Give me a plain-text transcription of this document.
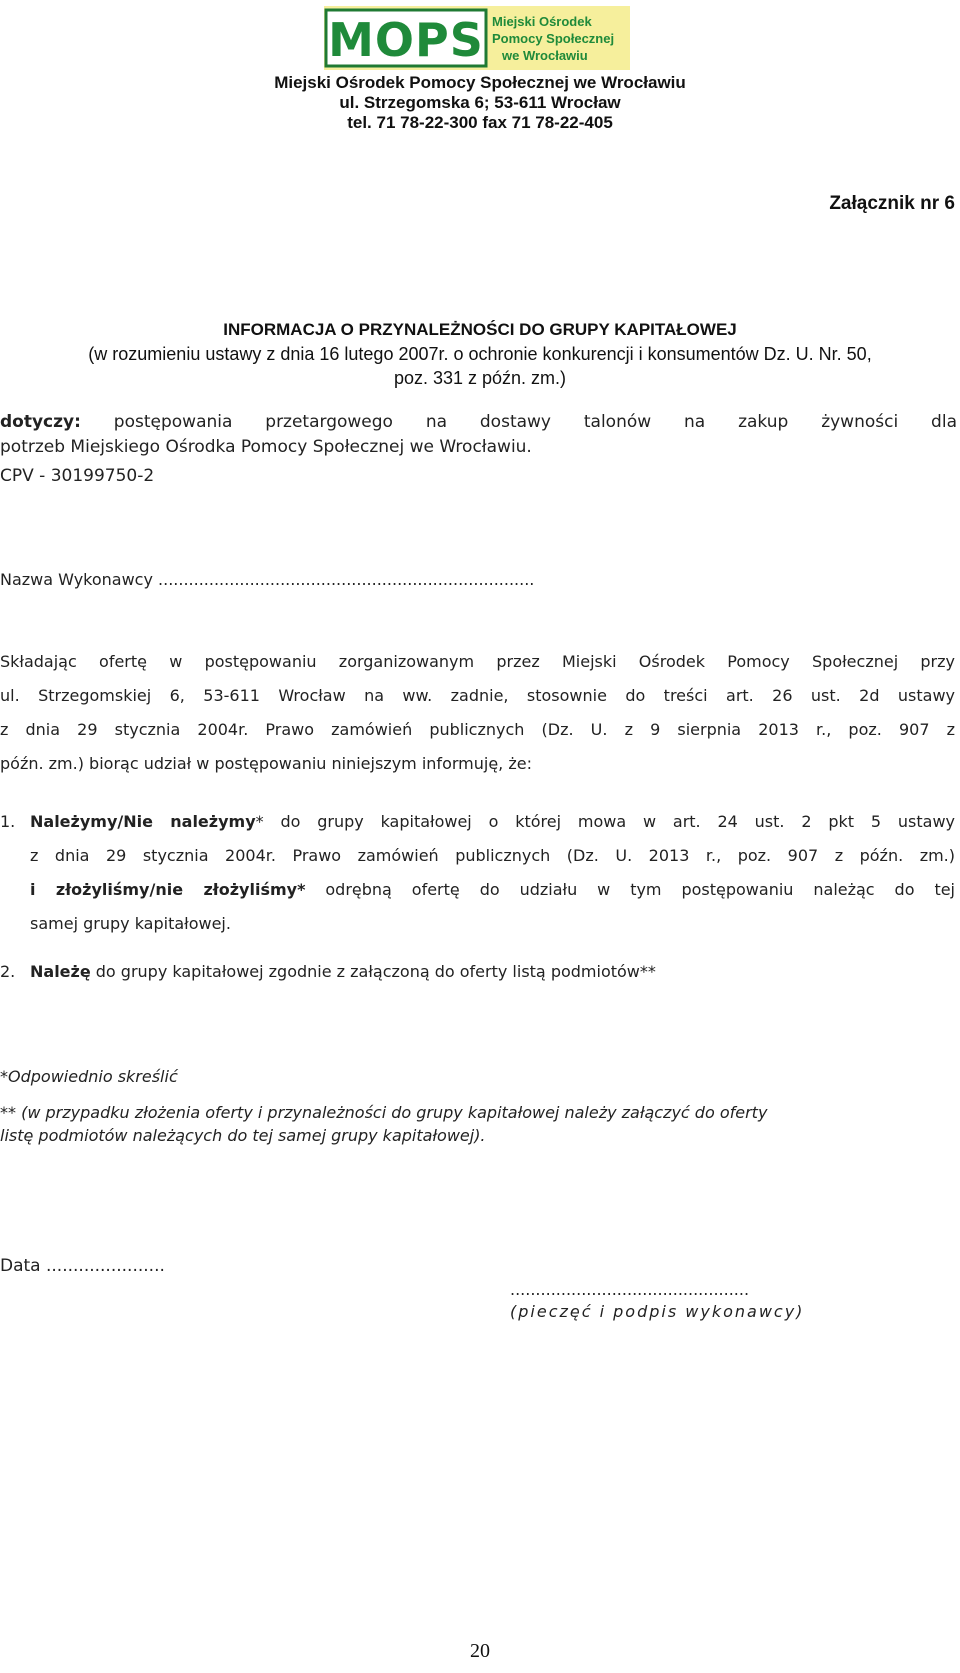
MOPS Miejski Ośrodek
Pomocy Społecznej
we Wrocławiu
Miejski Ośrodek Pomocy Społecznej we Wrocławiu
ul. Strzegomska 6; 53-611 Wrocław
tel. 71 78-22-300 fax 71 78-22-405
Załącznik nr 6
INFORMACJA O PRZYNALEŻNOŚCI DO GRUPY KAPITAŁOWEJ
(w rozumieniu ustawy z dnia 16 lutego 2007r. o ochronie konkurencji i konsumentów Dz. U. Nr. 50,
poz. 331 z późn. zm.)
dotyczy: postępowania przetargowego na dostawy talonów na zakup żywności dla
potrzeb Miejskiego Ośrodka Pomocy Społecznej we Wrocławiu.
CPV - 30199750-2
Nazwa Wykonawcy ..........................................................................
Składając ofertę w postępowaniu zorganizowanym przez Miejski Ośrodek Pomocy Społecznej przy
ul. Strzegomskiej 6, 53-611 Wrocław na ww. zadnie, stosownie do treści art. 26 ust. 2d ustawy
z dnia 29 stycznia 2004r. Prawo zamówień publicznych (Dz. U. z 9 sierpnia 2013 r., poz. 907 z
późn. zm.) biorąc udział w postępowaniu niniejszym informuję, że:
1. Należymy/Nie należymy* do grupy kapitałowej o której mowa w art. 24 ust. 2 pkt 5 ustawy
z dnia 29 stycznia 2004r. Prawo zamówień publicznych (Dz. U. 2013 r., poz. 907 z późn. zm.)
i złożyliśmy/nie złożyliśmy* odrębną ofertę do udziału w tym postępowaniu należąc do tej
samej grupy kapitałowej.
2. Należę do grupy kapitałowej zgodnie z załączoną do oferty listą podmiotów**
*Odpowiednio skreślić
** (w przypadku złożenia oferty i przynależności do grupy kapitałowej należy załączyć do oferty
listę podmiotów należących do tej samej grupy kapitałowej).
Data ......................
...............................................
(pieczęć i podpis wykonawcy)
20
